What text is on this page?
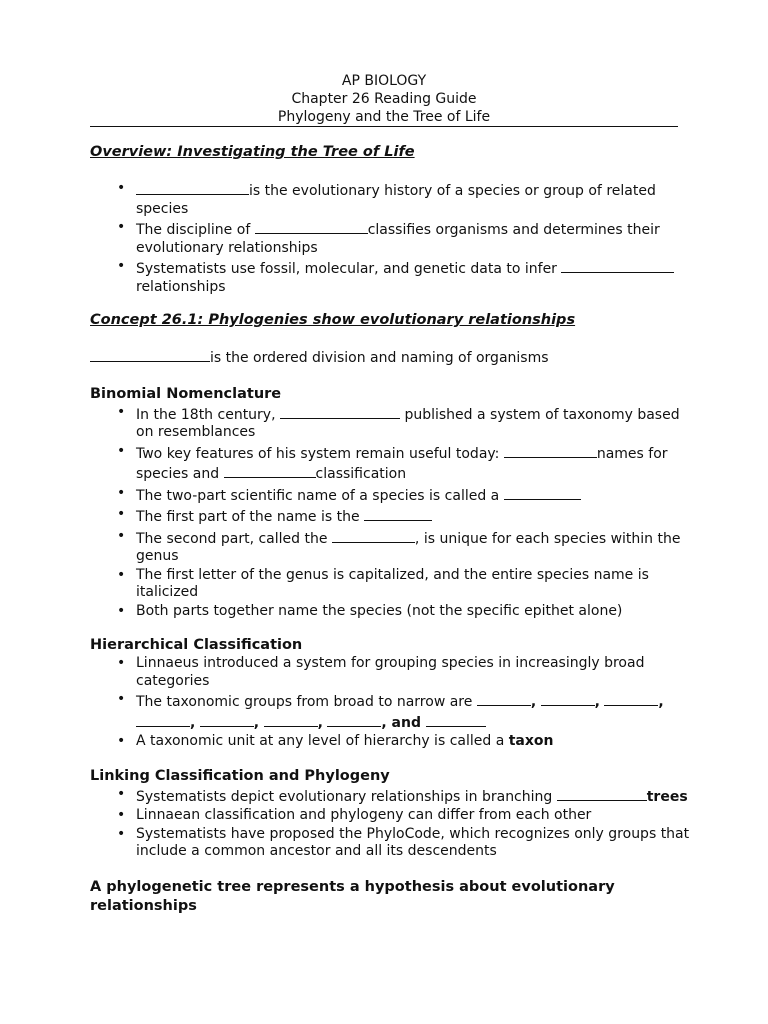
AP BIOLOGY
Chapter 26 Reading Guide
Phylogeny and the Tree of Life
Overview: Investigating the Tree of Life
• is the evolutionary history of a species or group of related species
• The discipline of	classifies organisms and determines their evolutionary relationships
• Systematists use fossil, molecular, and genetic data to infer relationships
Concept 26.1: Phylogenies show evolutionary relationships

is the ordered division and naming of organisms

Binomial Nomenclature
• In the 18th century,	published a system of taxonomy based on resemblances
• Two key features of his system remain useful today:	names for species and	classification
• The two-part scientific name of a species is called a
• The first part of the name is the
• The second part, called the	, is unique for each species within the genus
• The first letter of the genus is capitalized, and the entire species name is italicized
• Both parts together name the species (not the specific epithet alone)
Hierarchical Classification
• Linnaeus introduced a system for grouping species in increasingly broad categories
• The taxonomic groups from broad to narrow are	,	,	, ,	,	,	, and
• A taxonomic unit at any level of hierarchy is called a taxon
Linking Classification and Phylogeny
• Systematists depict evolutionary relationships in branching	trees
• Linnaean classification and phylogeny can differ from each other
• Systematists have proposed the PhyloCode, which recognizes only groups that include a common ancestor and all its descendents
A phylogenetic tree represents a hypothesis about evolutionary relationships
